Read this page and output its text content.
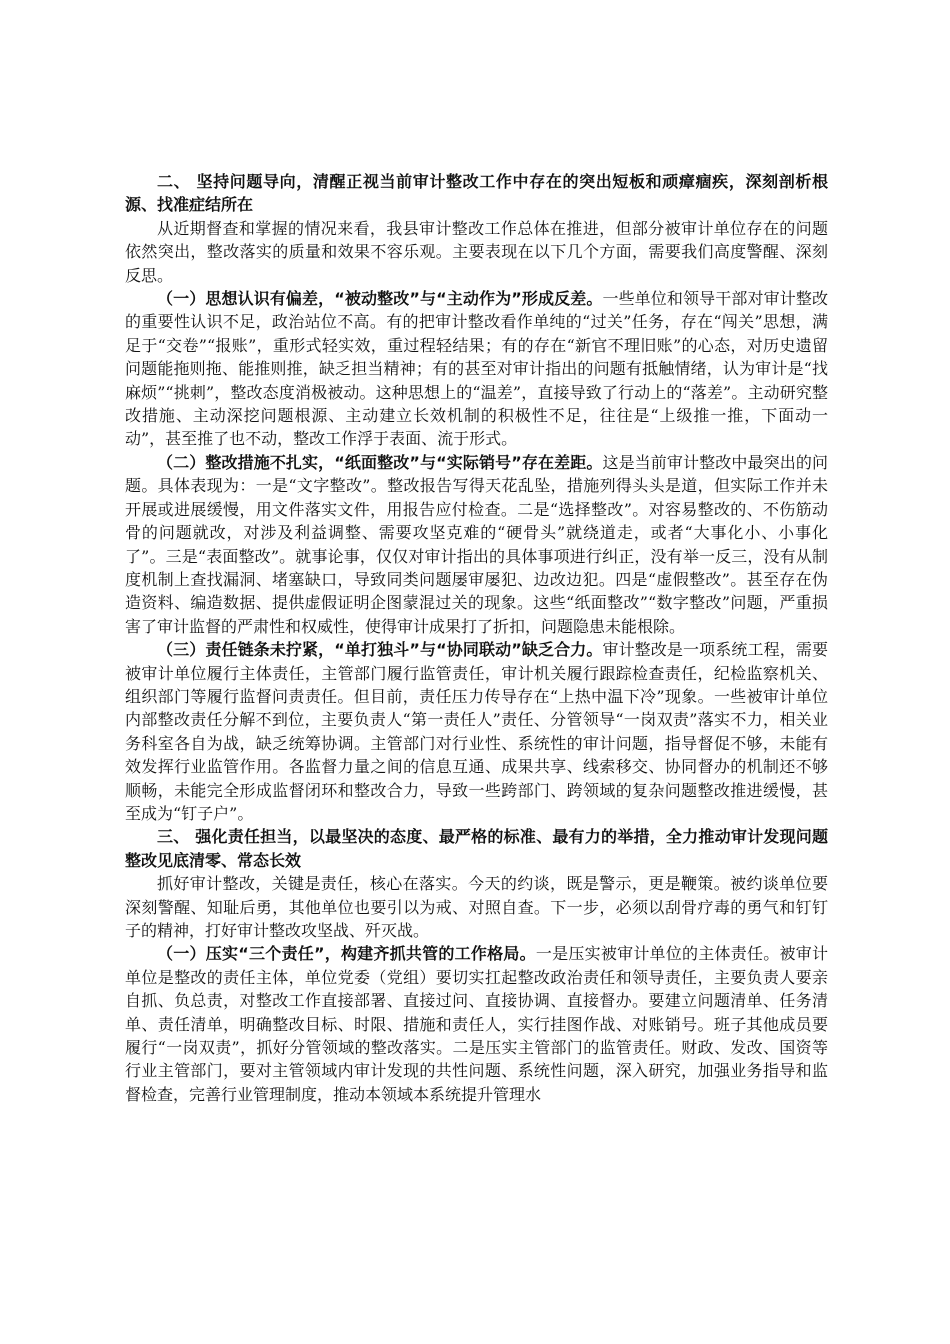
二、 坚持问题导向，清醒正视当前审计整改工作中存在的突出短板和顽瘴痼疾，深刻剖析根源、找准症结所在

从近期督查和掌握的情况来看，我县审计整改工作总体在推进，但部分被审计单位存在的问题依然突出，整改落实的质量和效果不容乐观。主要表现在以下几个方面，需要我们高度警醒、深刻反思。

（一）思想认识有偏差，“被动整改”与“主动作为”形成反差。一些单位和领导干部对审计整改的重要性认识不足，政治站位不高。有的把审计整改看作单纯的“过关”任务，存在“闯关”思想，满足于“交卷”“报账”，重形式轻实效，重过程轻结果；有的存在“新官不理旧账”的心态，对历史遗留问题能拖则拖、能推则推，缺乏担当精神；有的甚至对审计指出的问题有抵触情绪，认为审计是“找麻烦”“挑刺”，整改态度消极被动。这种思想上的“温差”，直接导致了行动上的“落差”。主动研究整改措施、主动深挖问题根源、主动建立长效机制的积极性不足，往往是“上级推一推，下面动一动”，甚至推了也不动，整改工作浮于表面、流于形式。

（二）整改措施不扎实，“纸面整改”与“实际销号”存在差距。这是当前审计整改中最突出的问题。具体表现为：一是“文字整改”。整改报告写得天花乱坠，措施列得头头是道，但实际工作并未开展或进展缓慢，用文件落实文件，用报告应付检查。二是“选择整改”。对容易整改的、不伤筋动骨的问题就改，对涉及利益调整、需要攻坚克难的“硬骨头”就绕道走，或者“大事化小、小事化了”。三是“表面整改”。就事论事，仅仅对审计指出的具体事项进行纠正，没有举一反三，没有从制度机制上查找漏洞、堵塞缺口，导致同类问题屡审屡犯、边改边犯。四是“虚假整改”。甚至存在伪造资料、编造数据、提供虚假证明企图蒙混过关的现象。这些“纸面整改”“数字整改”问题，严重损害了审计监督的严肃性和权威性，使得审计成果打了折扣，问题隐患未能根除。

（三）责任链条未拧紧，“单打独斗”与“协同联动”缺乏合力。审计整改是一项系统工程，需要被审计单位履行主体责任，主管部门履行监管责任，审计机关履行跟踪检查责任，纪检监察机关、组织部门等履行监督问责责任。但目前，责任压力传导存在“上热中温下冷”现象。一些被审计单位内部整改责任分解不到位，主要负责人“第一责任人”责任、分管领导“一岗双责”落实不力，相关业务科室各自为战，缺乏统筹协调。主管部门对行业性、系统性的审计问题，指导督促不够，未能有效发挥行业监管作用。各监督力量之间的信息互通、成果共享、线索移交、协同督办的机制还不够顺畅，未能完全形成监督闭环和整改合力，导致一些跨部门、跨领域的复杂问题整改推进缓慢，甚至成为“钉子户”。

三、 强化责任担当，以最坚决的态度、最严格的标准、最有力的举措，全力推动审计发现问题整改见底清零、常态长效

抓好审计整改，关键是责任，核心在落实。今天的约谈，既是警示，更是鞭策。被约谈单位要深刻警醒、知耻后勇，其他单位也要引以为戒、对照自查。下一步，必须以刮骨疗毒的勇气和钉钉子的精神，打好审计整改攻坚战、歼灭战。

（一）压实“三个责任”，构建齐抓共管的工作格局。一是压实被审计单位的主体责任。被审计单位是整改的责任主体，单位党委（党组）要切实扛起整改政治责任和领导责任，主要负责人要亲自抓、负总责，对整改工作直接部署、直接过问、直接协调、直接督办。要建立问题清单、任务清单、责任清单，明确整改目标、时限、措施和责任人，实行挂图作战、对账销号。班子其他成员要履行“一岗双责”，抓好分管领域的整改落实。二是压实主管部门的监管责任。财政、发改、国资等行业主管部门，要对主管领域内审计发现的共性问题、系统性问题，深入研究，加强业务指导和监督检查，完善行业管理制度，推动本领域本系统提升管理水
